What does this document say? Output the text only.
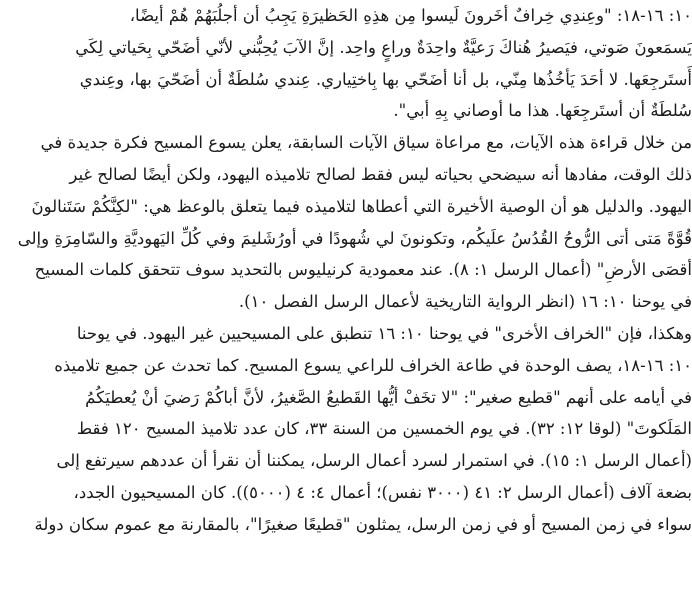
١٠: ١٦-١٨: "وعِندِي خِرافٌ أخَرونَ لَيسوا مِن هذِهِ الحَظيرَةِ يَجِبُ أن أجلُبَهُمْ هُمْ أيضًا،

يَسمَعونَ صَوتي، فيَصيرُ هُناكَ رَعيَّةٌ واحِدَةٌ وراعٍ واحِد. إنَّ الآبَ يُحِبُّني لأنّي أضَحّي بِحَياتي لِكَي

أَستَرجِعَها. لا أحَدَ يَأخُذُها مِنّي، بل أنا أضَحّي بها بِاختِياري. عِندي سُلطَةٌ أن أضَحّيَ بها، وعِندي

سُلطَةٌ أن أستَرجِعَها. هذا ما أوصاني بِهِ أبي".

من خلال قراءة هذه الآيات، مع مراعاة سياق الآيات السابقة، يعلن يسوع المسيح فكرة جديدة في

ذلك الوقت، مفادها أنه سيضحي بحياته ليس فقط لصالح تلاميذه اليهود، ولكن أيضًا لصالح غير

اليهود. والدليل هو أن الوصية الأخيرة التي أعطاها لتلاميذه فيما يتعلق بالوعظ هي: "لكِنَّكُمْ سَتَنالونَ

قُوَّةً مَتى أتى الرُّوحُ القُدُسُ علَيكُم، وتكونونَ لي شُهودًا في أورُشَليمَ وفي كُلِّ اليَهوديَّةِ والسّامِرَةِ وإلى

أقصَى الأرضِ" (أعمال الرسل ١: ٨). عند معمودية كرنيليوس بالتحديد سوف تتحقق كلمات المسيح

في يوحنا ١٠: ١٦ (انظر الرواية التاريخية لأعمال الرسل الفصل ١٠).

وهكذا، فإن "الخراف الأخرى" في يوحنا ١٠: ١٦ تنطبق على المسيحيين غير اليهود. في يوحنا

١٠: ١٦-١٨، يصف الوحدة في طاعة الخراف للراعي يسوع المسيح. كما تحدث عن جميع تلاميذه

في أيامه على أنهم "قطيع صغير": "لا تخَفْ أيُّها القَطيعُ الصَّغيرُ، لأنَّ أباكُمْ رَضيَ أنْ يُعطيَكُمُ

المَلَكوتَ" (لوقا ١٢: ٣٢). في يوم الخمسين من السنة ٣٣، كان عدد تلاميذ المسيح ١٢٠ فقط

(أعمال الرسل ١: ١٥). في استمرار لسرد أعمال الرسل، يمكننا أن نقرأ أن عددهم سيرتفع إلى

بضعة آلاف (أعمال الرسل ٢: ٤١ (٣٠٠٠ نفس)؛ أعمال ٤: ٤ (٥٠٠٠)). كان المسيحيون الجدد،

سواء في زمن المسيح أو في زمن الرسل، يمثلون "قطيعًا صغيرًا"، بالمقارنة مع عموم سكان دولة
